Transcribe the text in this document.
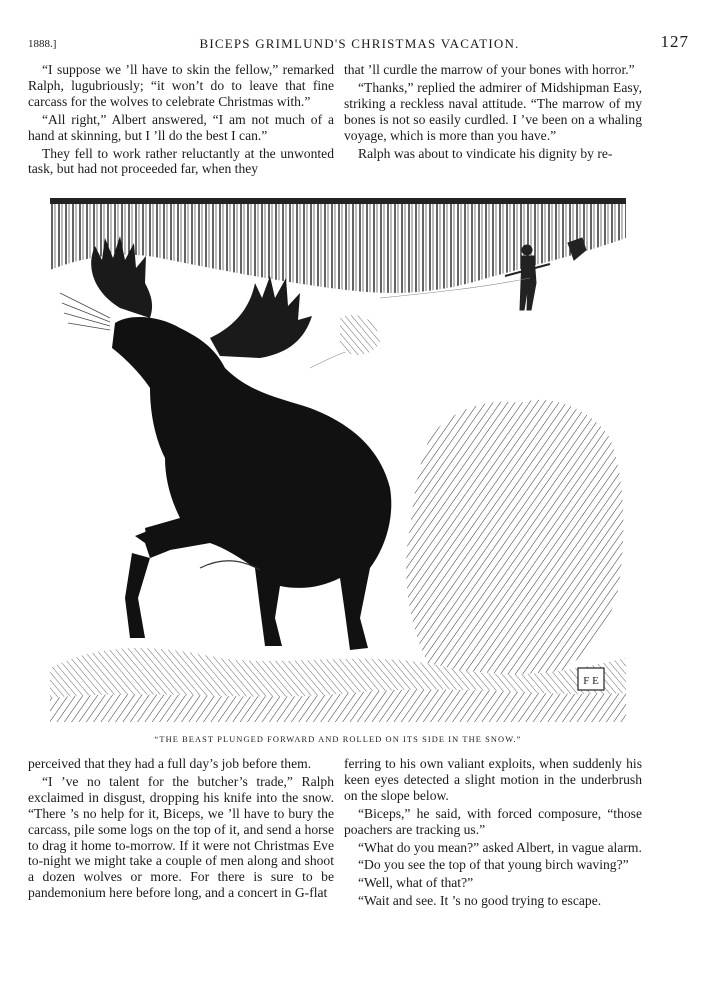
1888.]	BICEPS GRIMLUND'S CHRISTMAS VACATION.	127

“I suppose we ’ll have to skin the fellow,” remarked Ralph, lugubriously; “it won’t do to leave that fine carcass for the wolves to celebrate Christmas with.”

“All right,” Albert answered, “I am not much of a hand at skinning, but I ’ll do the best I can.”

They fell to work rather reluctantly at the unwonted task, but had not proceeded far, when they

that ’ll curdle the marrow of your bones with horror.”

“Thanks,” replied the admirer of Midshipman Easy, striking a reckless naval attitude. “The marrow of my bones is not so easily curdled. I ’ve been on a whaling voyage, which is more than you have.”

Ralph was about to vindicate his dignity by re-

F E
“THE BEAST PLUNGED FORWARD AND ROLLED ON ITS SIDE IN THE SNOW.”

perceived that they had a full day’s job before them.

“I ’ve no talent for the butcher’s trade,” Ralph exclaimed in disgust, dropping his knife into the snow. “There ’s no help for it, Biceps, we ’ll have to bury the carcass, pile some logs on the top of it, and send a horse to drag it home to-morrow. If it were not Christmas Eve to-night we might take a couple of men along and shoot a dozen wolves or more. For there is sure to be pandemonium here before long, and a concert in G-flat

ferring to his own valiant exploits, when suddenly his keen eyes detected a slight motion in the underbrush on the slope below.

“Biceps,” he said, with forced composure, “those poachers are tracking us.”

“What do you mean?” asked Albert, in vague alarm.

“Do you see the top of that young birch waving?”

“Well, what of that?”

“Wait and see. It ’s no good trying to escape.
